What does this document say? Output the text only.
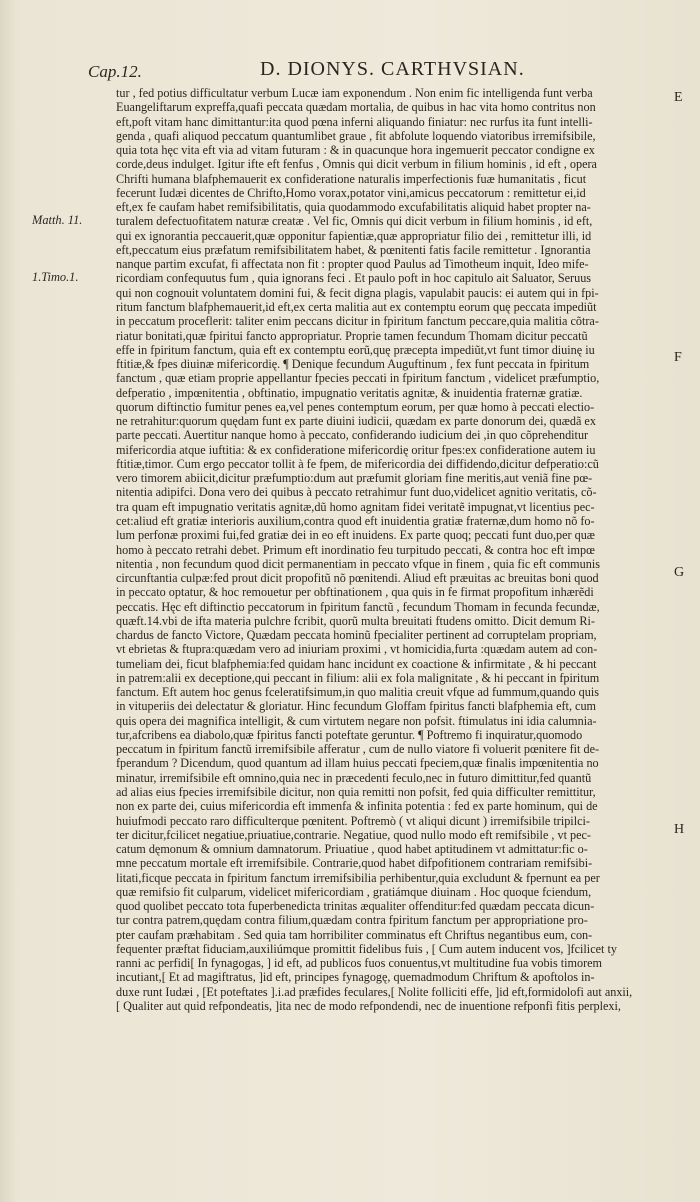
Cap.12.	D. DIONYS. CARTHVSIAN.
Matth. 11.
1.Timo.1.
E
F
G
H
tur , fed potius difficultatur verbum Lucæ iam exponendum . Non enim fic intelligenda funt verba
Euangeliftarum expreffa,quafi peccata quædam mortalia, de quibus in hac vita homo contritus non
eft,poft vitam hanc dimittantur:ita quod pœna inferni aliquando finiatur: nec rurfus ita funt intelli-
genda , quafi aliquod peccatum quantumlibet graue , fit abfolute loquendo viatoribus irremifsibile,
quia tota hęc vita eft via ad vitam futuram : & in quacunque hora ingemuerit peccator condigne ex
corde,deus indulget. Igitur ifte eft fenfus , Omnis qui dicit verbum in filium hominis , id eft , opera
Chrifti humana blafphemauerit ex confideratione naturalis imperfectionis fuæ humanitatis , ficut
fecerunt Iudæi dicentes de Chrifto,Homo vorax,potator vini,amicus peccatorum : remittetur ei,id
eft,ex fe caufam habet remifsibilitatis, quia quodammodo excufabilitatis aliquid habet propter na-
turalem defectuofitatem naturæ creatæ . Vel fic, Omnis qui dicit verbum in filium hominis , id eft,
qui ex ignorantia peccauerit,quæ opponitur fapientiæ,quæ appropriatur filio dei , remittetur illi, id
eft,peccatum eius præfatum remifsibilitatem habet, & pœnitenti fatis facile remittetur . Ignorantia
nanque partim excufat, fi affectata non fit : propter quod Paulus ad Timotheum inquit, Ideo mife-
ricordiam confequutus fum , quia ignorans feci . Et paulo poft in hoc capitulo ait Saluator, Seruus
qui non cognouit voluntatem domini fui, & fecit digna plagis, vapulabit paucis: ei autem qui in fpi-
ritum fanctum blafphemauerit,id eft,ex certa malitia aut ex contemptu eorum quę peccata impediũt
in peccatum proceflerit: taliter enim peccans dicitur in fpiritum fanctum peccare,quia malitia cõtra-
riatur bonitati,quæ fpiritui fancto appropriatur. Proprie tamen fecundum Thomam dicitur peccatũ
effe in fpiritum fanctum, quia eft ex contemptu eorũ,quę præcepta impediũt,vt funt timor diuinę iu
ftitiæ,& fpes diuinæ mifericordię. ¶ Denique fecundum Auguftinum , fex funt peccata in fpiritum
fanctum , quæ etiam proprie appellantur fpecies peccati in fpiritum fanctum , videlicet præfumptio,
defperatio , impœnitentia , obftinatio, impugnatio veritatis agnitæ, & inuidentia fraternæ gratiæ.
quorum diftinctio fumitur penes ea,vel penes contemptum eorum, per quæ homo à peccati electio-
ne retrahitur:quorum quędam funt ex parte diuini iudicii, quædam ex parte donorum dei, quædã ex
parte peccati. Auertitur nanque homo à peccato, confiderando iudicium dei ,in quo cõprehenditur
mifericordia atque iuftitia: & ex confideratione mifericordię oritur fpes:ex confideratione autem iu
ftitiæ,timor. Cum ergo peccator tollit à fe fpem, de mifericordia dei diffidendo,dicitur defperatio:cũ
vero timorem abiicit,dicitur præfumptio:dum aut præfumit gloriam fine meritis,aut veniã fine pœ-
nitentia adipifci. Dona vero dei quibus à peccato retrahimur funt duo,videlicet agnitio veritatis, cõ-
tra quam eft impugnatio veritatis agnitæ,dũ homo agnitam fidei veritatẽ impugnat,vt licentius pec-
cet:aliud eft gratiæ interioris auxilium,contra quod eft inuidentia gratiæ fraternæ,dum homo nõ fo-
lum perfonæ proximi fui,fed gratiæ dei in eo eft inuidens. Ex parte quoq; peccati funt duo,per quæ
homo à peccato retrahi debet. Primum eft inordinatio feu turpitudo peccati, & contra hoc eft impœ
nitentia , non fecundum quod dicit permanentiam in peccato vfque in finem , quia fic eft communis
circunftantia culpæ:fed prout dicit propofitũ nõ pœnitendi. Aliud eft præuitas ac breuitas boni quod
in peccato optatur, & hoc remouetur per obftinationem , qua quis in fe firmat propofitum inhærẽdi
peccatis. Hęc eft diftinctio peccatorum in fpiritum fanctũ , fecundum Thomam in fecunda fecundæ,
quæft.14.vbi de ifta materia pulchre fcribit, quorũ multa breuitati ftudens omitto. Dicit demum Ri-
chardus de fancto Victore, Quædam peccata hominũ fpecialiter pertinent ad corruptelam propriam,
vt ebrietas & ftupra:quædam vero ad iniuriam proximi , vt homicidia,furta :quædam autem ad con-
tumeliam dei, ficut blafphemia:fed quidam hanc incidunt ex coactione & infirmitate , & hi peccant
in patrem:alii ex deceptione,qui peccant in filium: alii ex fola malignitate , & hi peccant in fpiritum
fanctum. Eft autem hoc genus fceleratifsimum,in quo malitia creuit vfque ad fummum,quando quis
in vituperiis dei delectatur & gloriatur. Hinc fecundum Gloffam fpiritus fancti blafphemia eft, cum
quis opera dei magnifica intelligit, & cum virtutem negare non pofsit. ftimulatus ini idia calumnia-
tur,afcribens ea diabolo,quæ fpiritus fancti poteftate geruntur. ¶ Poftremo fi inquiratur,quomodo
peccatum in fpiritum fanctũ irremifsibile afferatur , cum de nullo viatore fi voluerit pœnitere fit de-
fperandum ? Dicendum, quod quantum ad illam huius peccati fpeciem,quæ finalis impœnitentia no
minatur, irremifsibile eft omnino,quia nec in præcedenti feculo,nec in futuro dimittitur,fed quantũ
ad alias eius fpecies irremifsibile dicitur, non quia remitti non pofsit, fed quia difficulter remittitur,
non ex parte dei, cuius mifericordia eft immenfa & infinita potentia : fed ex parte hominum, qui de
huiufmodi peccato raro difficulterque pœnitent. Poftremò ( vt aliqui dicunt ) irremifsibile tripilci-
ter dicitur,fcilicet negatiue,priuatiue,contrarie. Negatiue, quod nullo modo eft remifsibile , vt pec-
catum dęmonum & omnium damnatorum. Priuatiue , quod habet aptitudinem vt admittatur:fic o-
mne peccatum mortale eft irremifsibile. Contrarie,quod habet difpofitionem contrariam remifsibi-
litati,ficque peccata in fpiritum fanctum irremifsibilia perhibentur,quia excludunt & fpernunt ea per
quæ remifsio fit culparum, videlicet mifericordiam , gratiámque diuinam . Hoc quoque fciendum,
quod quolibet peccato tota fuperbenedicta trinitas æqualiter offenditur:fed quædam peccata dicun-
tur contra patrem,quędam contra filium,quædam contra fpiritum fanctum per appropriatione pro-
pter caufam præhabitam . Sed quia tam horribiliter comminatus eft Chriftus negantibus eum, con-
fequenter præftat fiduciam,auxiliúmque promittit fidelibus fuis , [ Cum autem inducent vos, ]fcilicet ty
ranni ac perfidi[ In fynagogas, ] id eft, ad publicos fuos conuentus,vt multitudine fua vobis timorem
incutiant,[ Et ad magiftratus, ]id eft, principes fynagogę, quemadmodum Chriftum & apoftolos in-
duxe runt Iudæi , [Et poteftates ].i.ad præfides feculares,[ Nolite folliciti effe, ]id eft,formidolofi aut anxii,
[ Qualiter aut quid refpondeatis, ]ita nec de modo refpondendi, nec de inuentione refponfi fitis perplexi,
